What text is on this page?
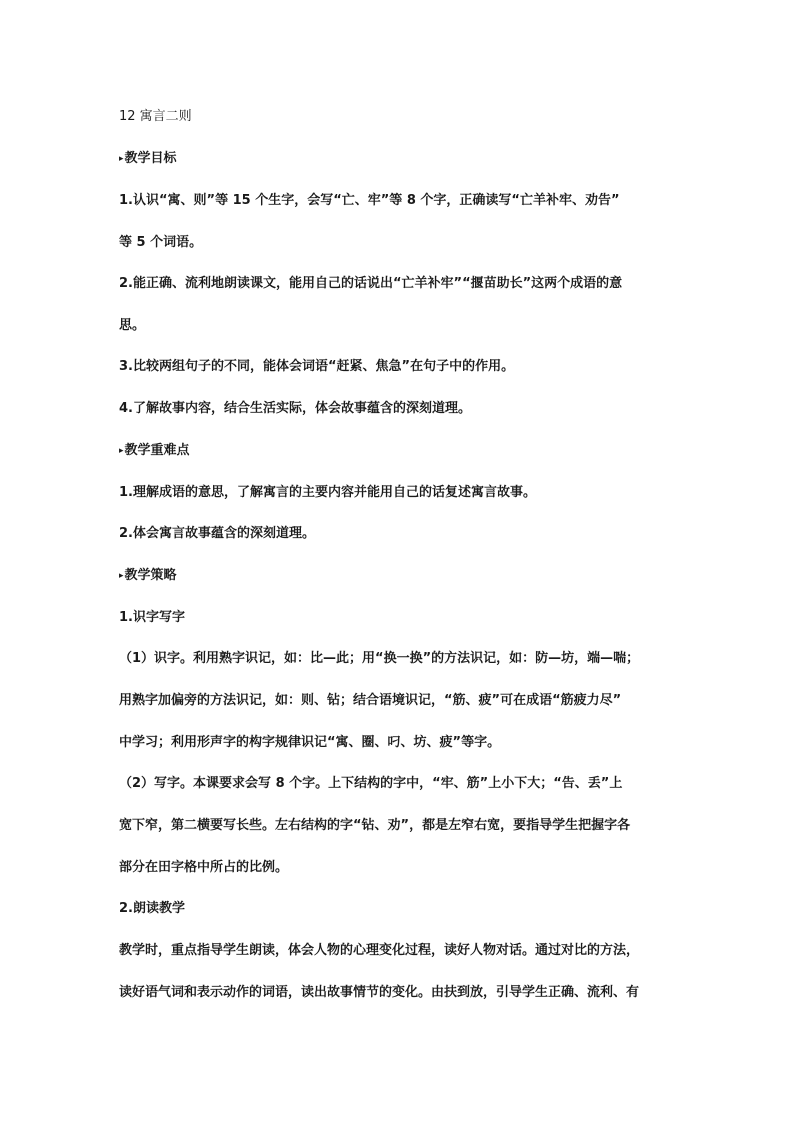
12 寓言二则

▸教学目标

1.认识“寓、则”等 15 个生字，会写“亡、牢”等 8 个字，正确读写“亡羊补牢、劝告”

等 5 个词语。

2.能正确、流利地朗读课文，能用自己的话说出“亡羊补牢”“揠苗助长”这两个成语的意

思。

3.比较两组句子的不同，能体会词语“赶紧、焦急”在句子中的作用。

4.了解故事内容，结合生活实际，体会故事蕴含的深刻道理。

▸教学重难点

1.理解成语的意思，了解寓言的主要内容并能用自己的话复述寓言故事。

2.体会寓言故事蕴含的深刻道理。

▸教学策略

1.识字写字

（1）识字。利用熟字识记，如：比—此；用“换一换”的方法识记，如：防—坊，端—喘；

用熟字加偏旁的方法识记，如：则、钻；结合语境识记，“筋、疲”可在成语“筋疲力尽”

中学习；利用形声字的构字规律识记“寓、圈、叼、坊、疲”等字。

（2）写字。本课要求会写 8 个字。上下结构的字中，“牢、筋”上小下大；“告、丢”上

宽下窄，第二横要写长些。左右结构的字“钻、劝”，都是左窄右宽，要指导学生把握字各

部分在田字格中所占的比例。

2.朗读教学

教学时，重点指导学生朗读，体会人物的心理变化过程，读好人物对话。通过对比的方法，

读好语气词和表示动作的词语，读出故事情节的变化。由扶到放，引导学生正确、流利、有
